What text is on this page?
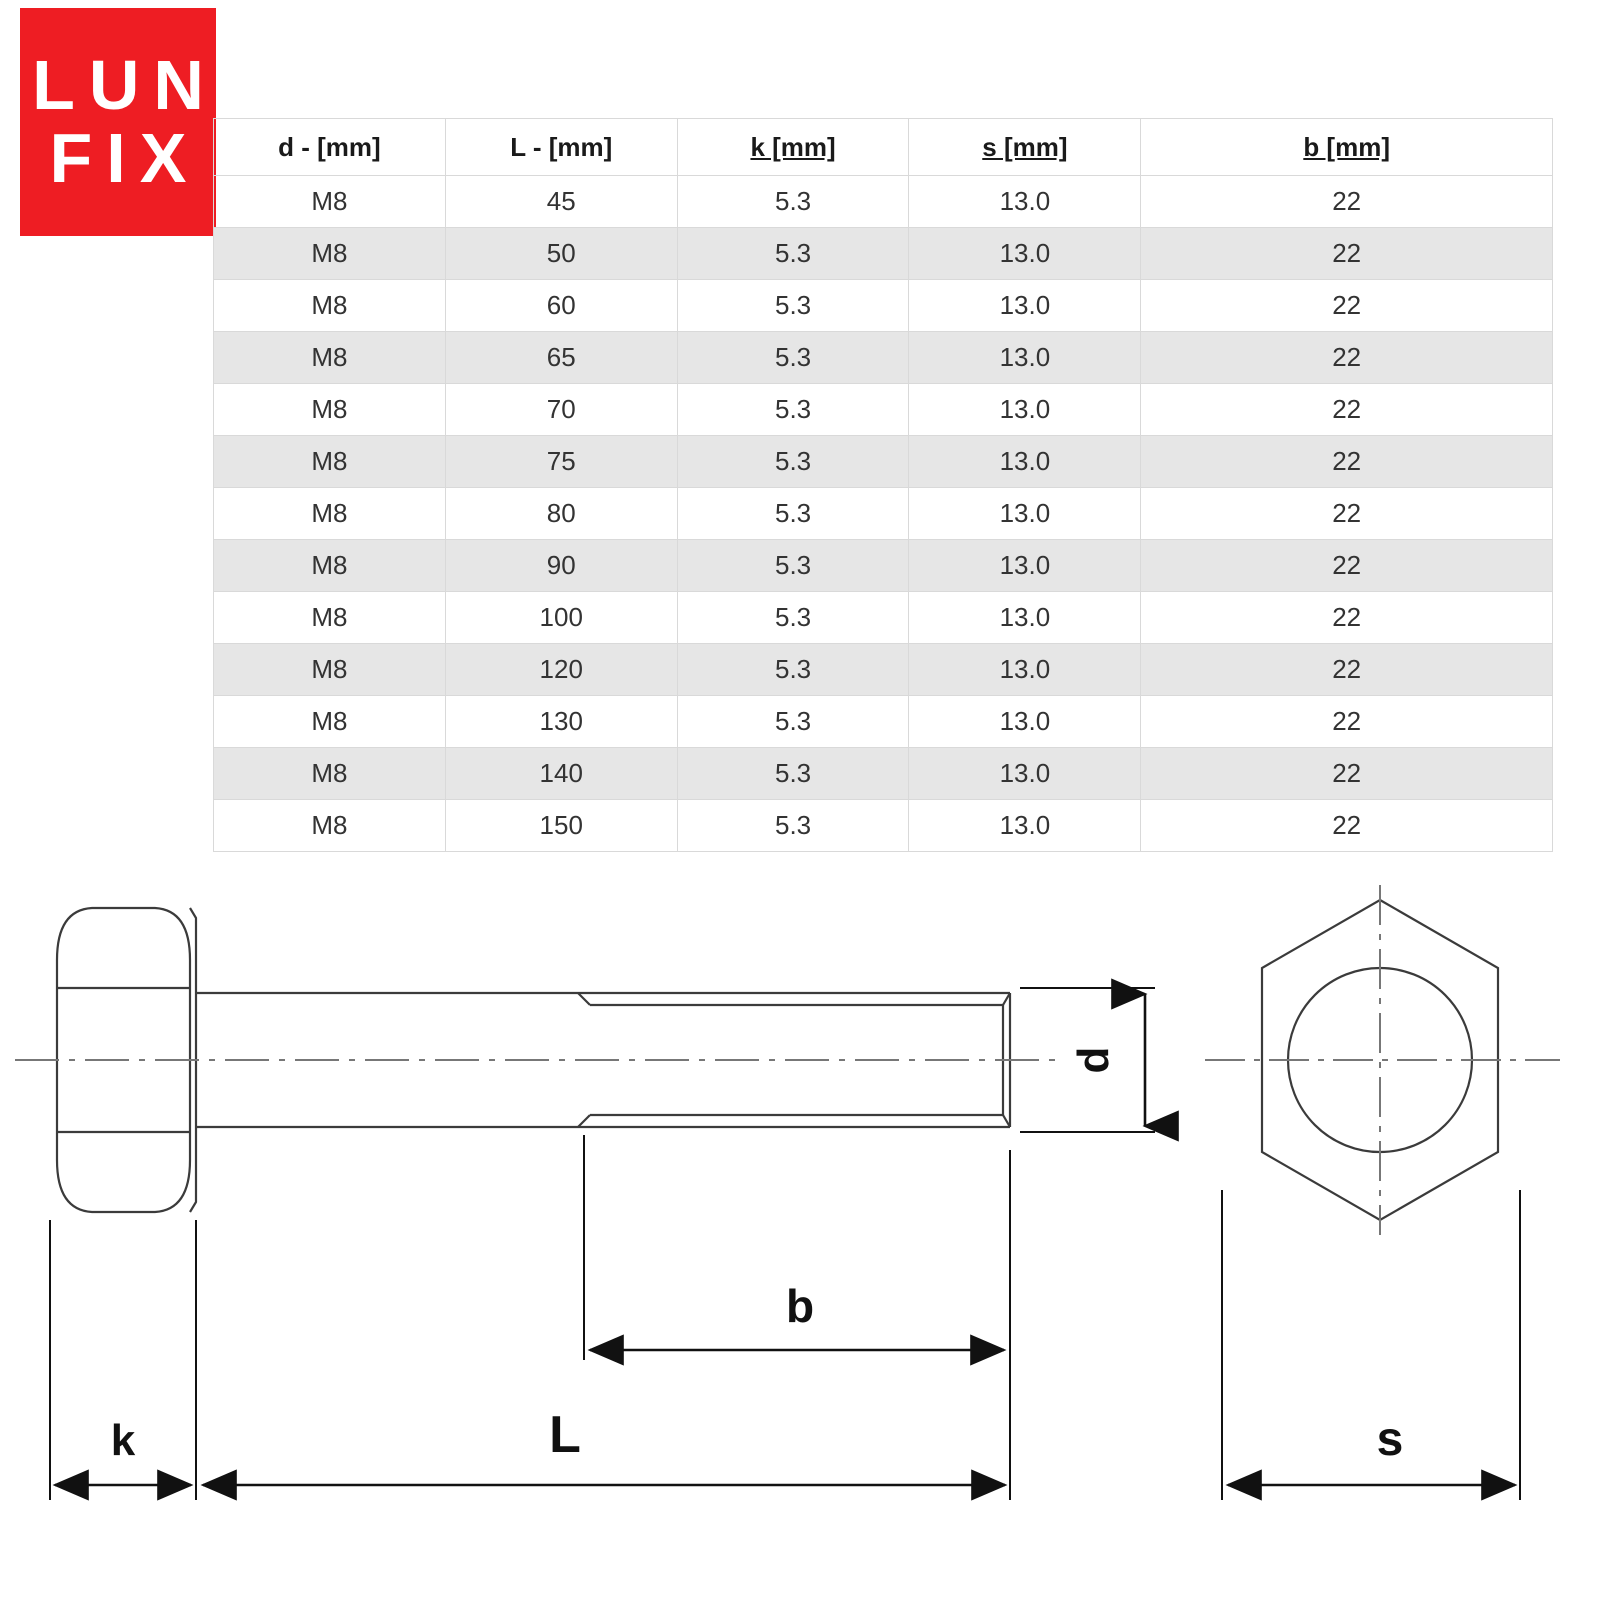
LUN
FIX	d - [mm]	L - [mm]	k [mm]	s [mm]	b [mm]
M8	45	5.3	13.0	22
M8	50	5.3	13.0	22
M8	60	5.3	13.0	22
M8	65	5.3	13.0	22
M8	70	5.3	13.0	22
M8	75	5.3	13.0	22
M8	80	5.3	13.0	22
M8	90	5.3	13.0	22
M8	100	5.3	13.0	22
M8	120	5.3	13.0	22
M8	130	5.3	13.0	22
M8	140	5.3	13.0	22
M8	150	5.3	13.0	22
k	L
b
d
s
